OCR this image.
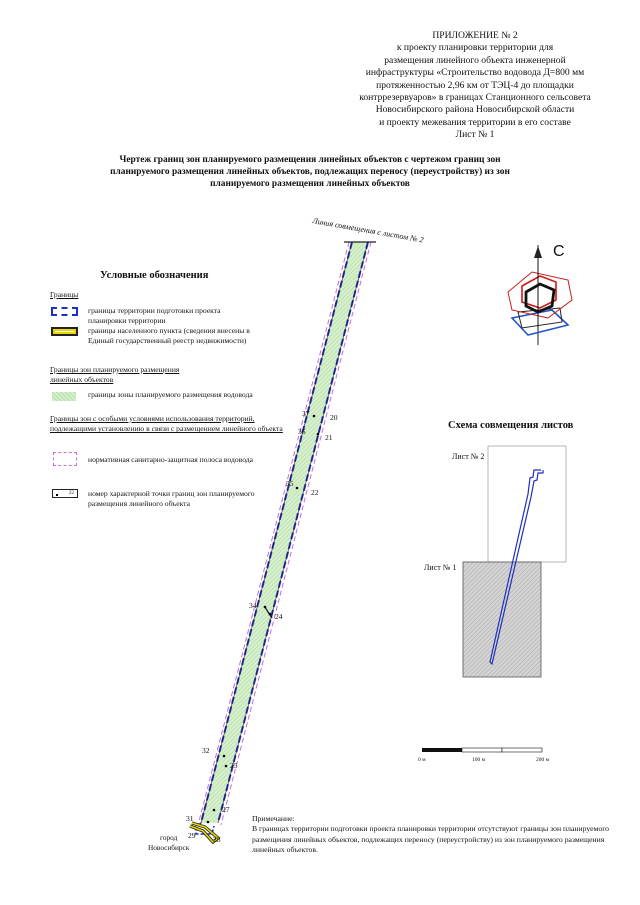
ПРИЛОЖЕНИЕ № 2
к проекту планировки территории для
размещения линейного объекта инженерной
инфраструктуры «Строительство водовода Д=800 мм
протяженностью 2,96 км от ТЭЦ-4 до площадки
контррезервуаров» в границах Станционного сельсовета
Новосибирского района Новосибирской области
и проекту межевания территории в его составе
Лист № 1
Чертеж границ зон планируемого размещения линейных объектов с чертежом границ зон
планируемого размещения линейных объектов, подлежащих переносу (переустройству) из зон
планируемого размещения линейных объектов
Условные обозначения
Границы
границы территории подготовки проекта планировки территории
границы населенного пункта (сведения внесены в Единый государственный реестр недвижимости)
Границы зон планируемого размещения линейных объектов
границы зоны планируемого размещения водовода
Границы зон с особыми условиями использования территорий, подлежащими установлению в связи с размещением линейного объекта
нормативная санитарно-защитная полоса водовода
22	номер характерной точки границ зон планируемого размещения линейного объекта
Линия совмещения с листом № 2
37	20
36
21
35
22
34
24
32
25
27
31
29 28
С
0 м	100 м	200 м
город
Новосибирск
Схема совмещения листов
Лист № 2
Лист № 1
Примечание:
В границах территории подготовки проекта планировки территории отсутствуют границы зон планируемого размещения линейных объектов, подлежащих переносу (переустройству) из зон планируемого размещения линейных объектов.
